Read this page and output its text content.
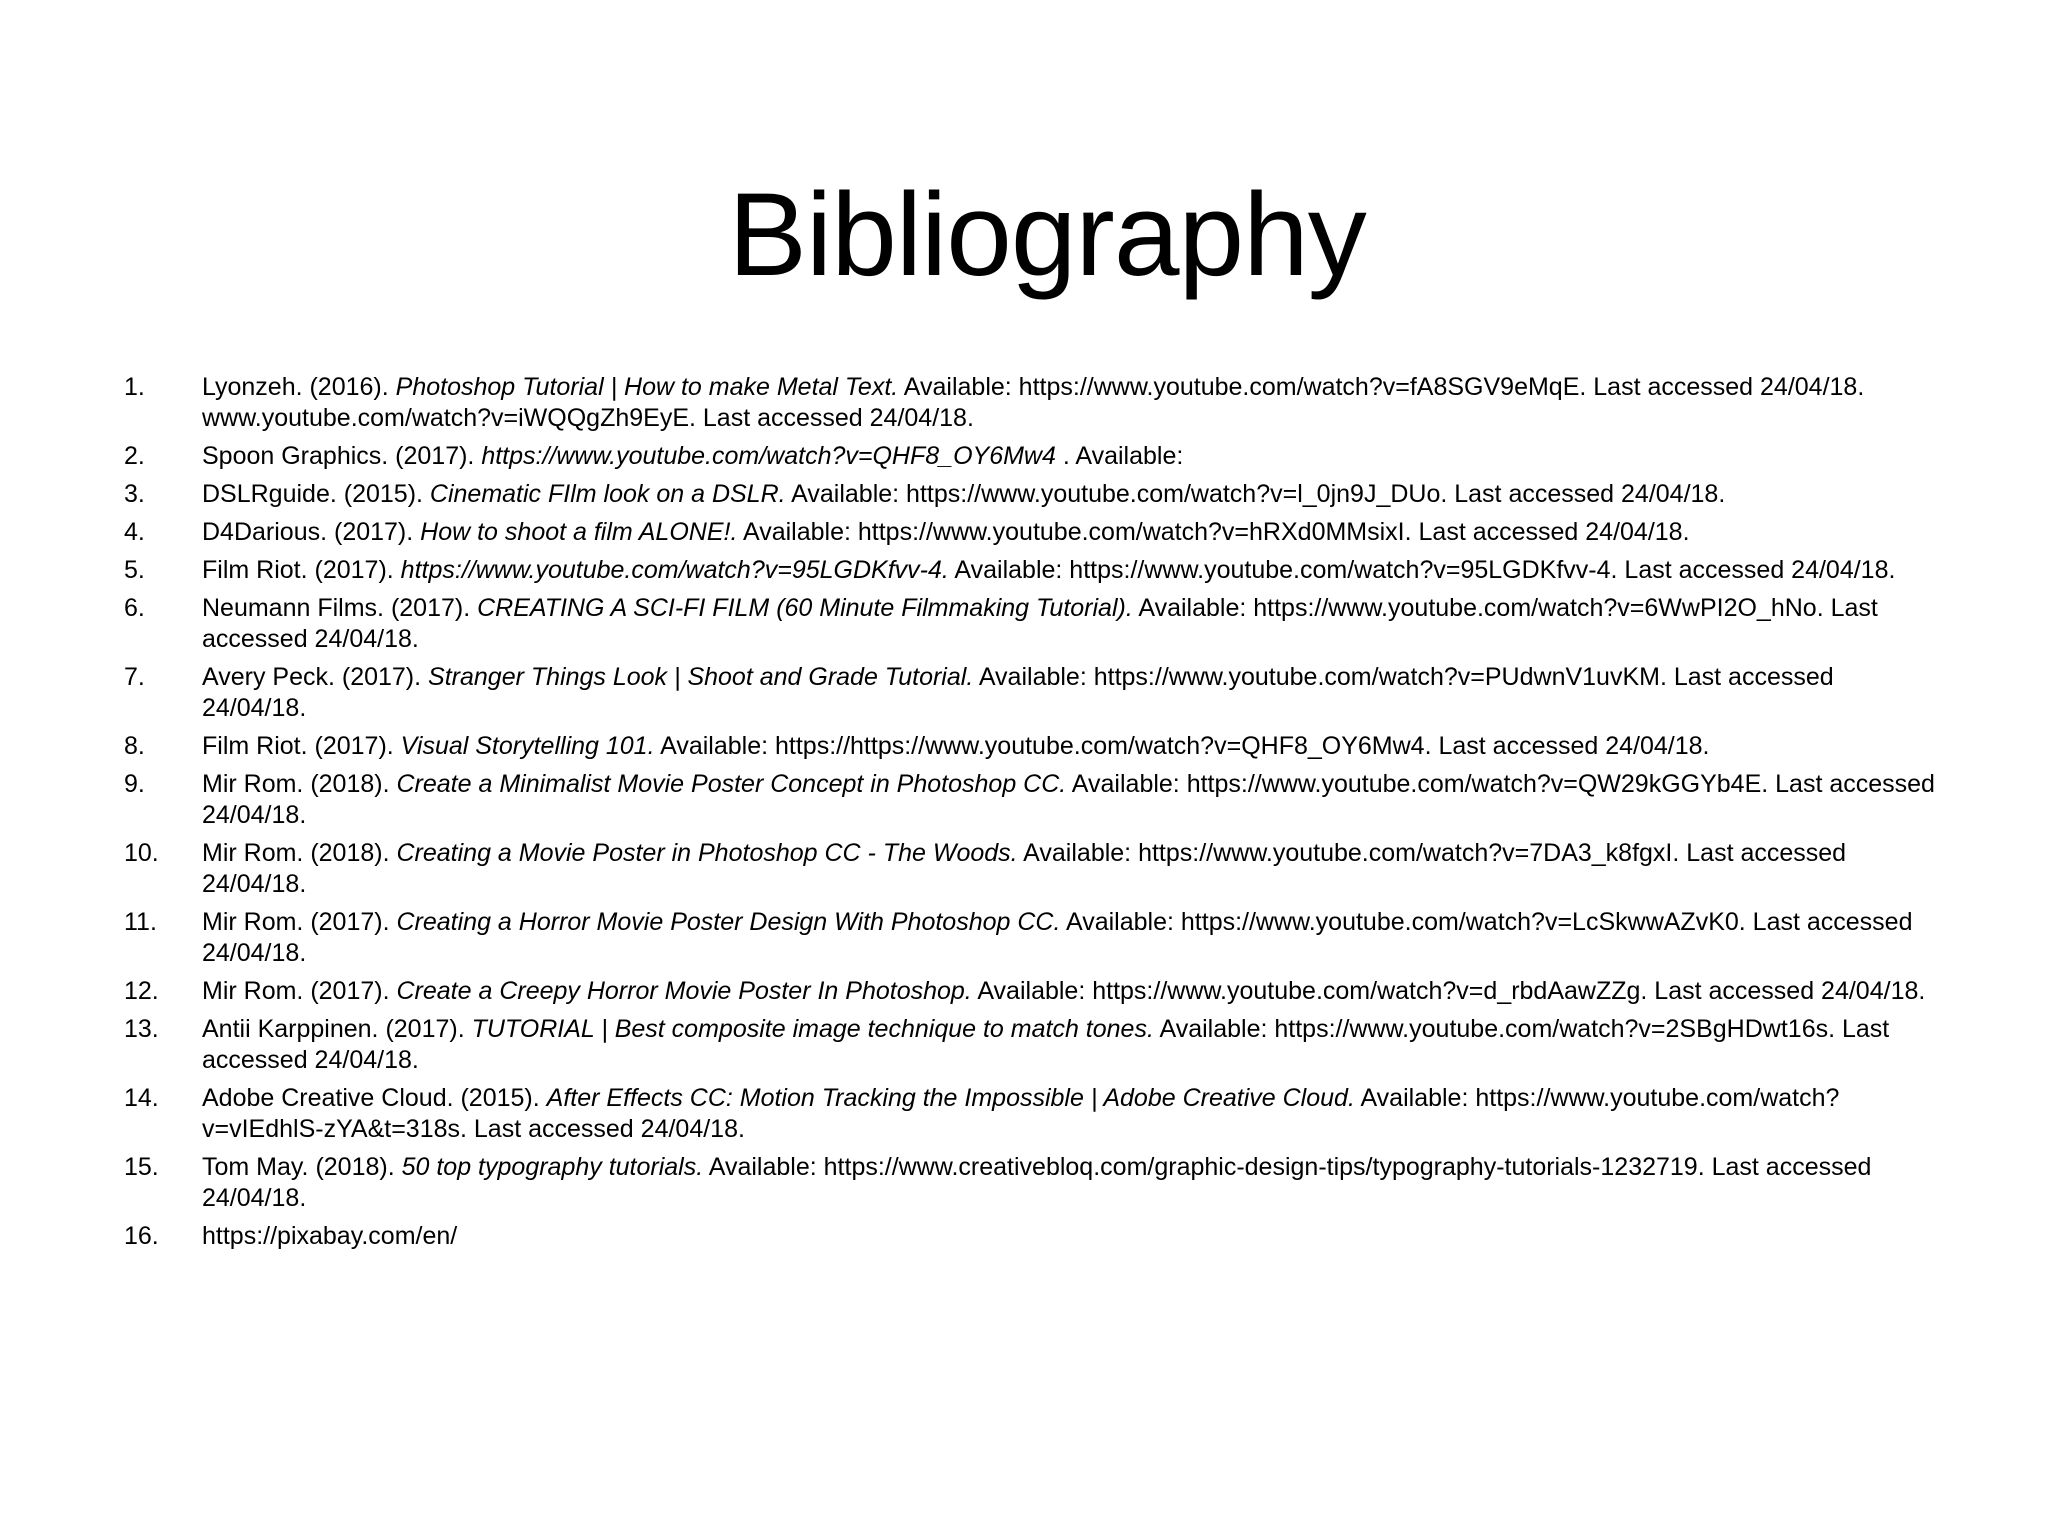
Bibliography
1.	Lyonzeh. (2016). Photoshop Tutorial | How to make Metal Text. Available: https://www.youtube.com/watch?v=fA8SGV9eMqE. Last accessed 24/04/18. www.youtube.com/watch?v=iWQQgZh9EyE. Last accessed 24/04/18.
2.	Spoon Graphics. (2017). https://www.youtube.com/watch?v=QHF8_OY6Mw4 . Available:
3.	DSLRguide. (2015). Cinematic FIlm look on a DSLR. Available: https://www.youtube.com/watch?v=l_0jn9J_DUo. Last accessed 24/04/18.
4.	D4Darious. (2017). How to shoot a film ALONE!. Available: https://www.youtube.com/watch?v=hRXd0MMsixI. Last accessed 24/04/18.
5.	Film Riot. (2017). https://www.youtube.com/watch?v=95LGDKfvv-4. Available: https://www.youtube.com/watch?v=95LGDKfvv-4. Last accessed 24/04/18.
6.	Neumann Films. (2017). CREATING A SCI-FI FILM (60 Minute Filmmaking Tutorial). Available: https://www.youtube.com/watch?v=6WwPI2O_hNo. Last accessed 24/04/18.
7.	Avery Peck. (2017). Stranger Things Look | Shoot and Grade Tutorial. Available: https://www.youtube.com/watch?v=PUdwnV1uvKM. Last accessed 24/04/18.
8.	Film Riot. (2017). Visual Storytelling 101. Available: https://https://www.youtube.com/watch?v=QHF8_OY6Mw4. Last accessed 24/04/18.
9.	Mir Rom. (2018). Create a Minimalist Movie Poster Concept in Photoshop CC. Available: https://www.youtube.com/watch?v=QW29kGGYb4E. Last accessed 24/04/18.
10.	Mir Rom. (2018). Creating a Movie Poster in Photoshop CC - The Woods. Available: https://www.youtube.com/watch?v=7DA3_k8fgxI. Last accessed 24/04/18.
11.	Mir Rom. (2017). Creating a Horror Movie Poster Design With Photoshop CC. Available: https://www.youtube.com/watch?v=LcSkwwAZvK0. Last accessed 24/04/18.
12.	Mir Rom. (2017). Create a Creepy Horror Movie Poster In Photoshop. Available: https://www.youtube.com/watch?v=d_rbdAawZZg. Last accessed 24/04/18.
13.	Antii Karppinen. (2017). TUTORIAL | Best composite image technique to match tones. Available: https://www.youtube.com/watch?v=2SBgHDwt16s. Last accessed 24/04/18.
14.	Adobe Creative Cloud. (2015). After Effects CC: Motion Tracking the Impossible | Adobe Creative Cloud. Available: https://www.youtube.com/watch?v=vIEdhlS-zYA&t=318s. Last accessed 24/04/18.
15.	Tom May. (2018). 50 top typography tutorials. Available: https://www.creativebloq.com/graphic-design-tips/typography-tutorials-1232719. Last accessed 24/04/18.
16.	https://pixabay.com/en/
